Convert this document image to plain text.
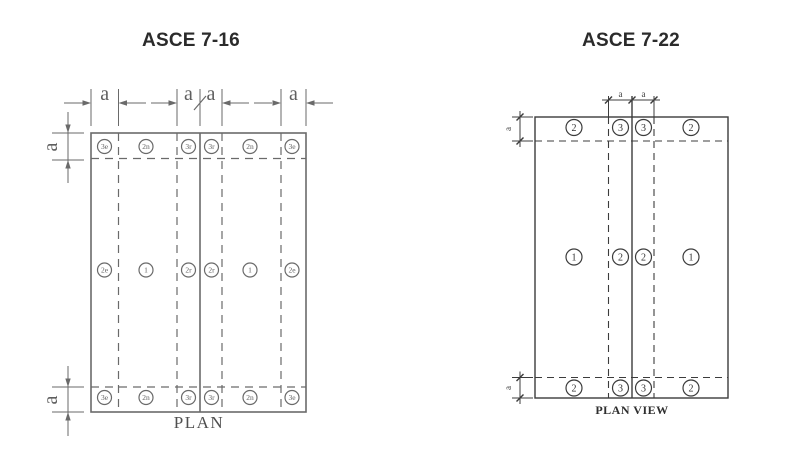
ASCE 7-16	ASCE 7-22
a	a a	a
a
a
3e	2n	3r 3r	2n	3e
2e	1	2r 2r	1	2e
3e	2n	3r 3r	2n	3e
PLAN
a a
a
a
2	3 3	2
1	2 2	1
2	3 3	2
PLAN VIEW
